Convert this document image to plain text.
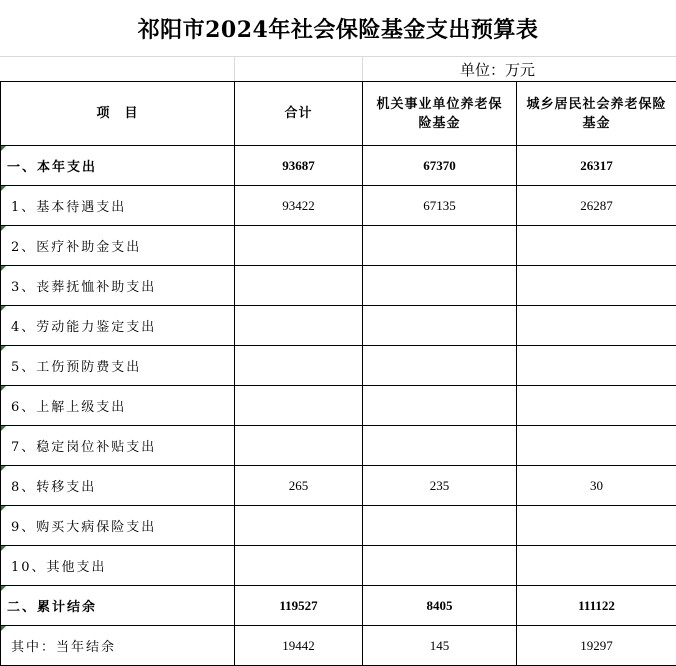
祁阳市2024年社会保险基金支出预算表
单位：万元
项　目	合计	机关事业单位养老保险基金	城乡居民社会养老保险基金
一、本年支出	93687	67370	26317
1、基本待遇支出	93422	67135	26287
2、医疗补助金支出

3、丧葬抚恤补助支出

4、劳动能力鉴定支出

5、工伤预防费支出

6、上解上级支出

7、稳定岗位补贴支出

8、转移支出	265	235	30
9、购买大病保险支出

10、其他支出

二、累计结余	119527	8405	111122
其中：当年结余	19442	145	19297
